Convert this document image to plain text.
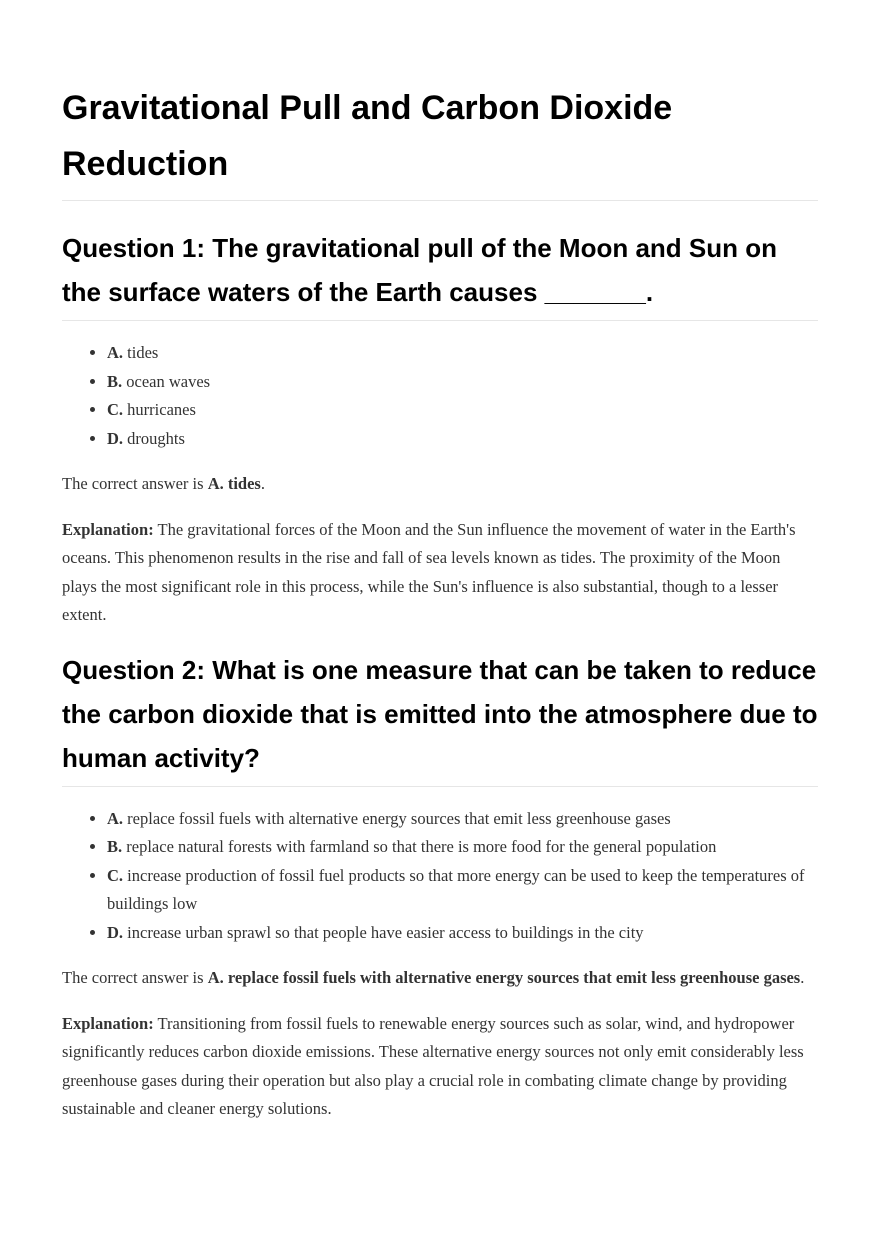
Gravitational Pull and Carbon Dioxide Reduction
Question 1: The gravitational pull of the Moon and Sun on the surface waters of the Earth causes _______.
• A. tides
• B. ocean waves
• C. hurricanes
• D. droughts

The correct answer is A. tides.

Explanation: The gravitational forces of the Moon and the Sun influence the movement of water in the Earth's oceans. This phenomenon results in the rise and fall of sea levels known as tides. The proximity of the Moon plays the most significant role in this process, while the Sun's influence is also substantial, though to a lesser extent.

Question 2: What is one measure that can be taken to reduce the carbon dioxide that is emitted into the atmosphere due to human activity?
• A. replace fossil fuels with alternative energy sources that emit less greenhouse gases
• B. replace natural forests with farmland so that there is more food for the general population
• C. increase production of fossil fuel products so that more energy can be used to keep the temperatures of buildings low
• D. increase urban sprawl so that people have easier access to buildings in the city

The correct answer is A. replace fossil fuels with alternative energy sources that emit less greenhouse gases.

Explanation: Transitioning from fossil fuels to renewable energy sources such as solar, wind, and hydropower significantly reduces carbon dioxide emissions. These alternative energy sources not only emit considerably less greenhouse gases during their operation but also play a crucial role in combating climate change by providing sustainable and cleaner energy solutions.
